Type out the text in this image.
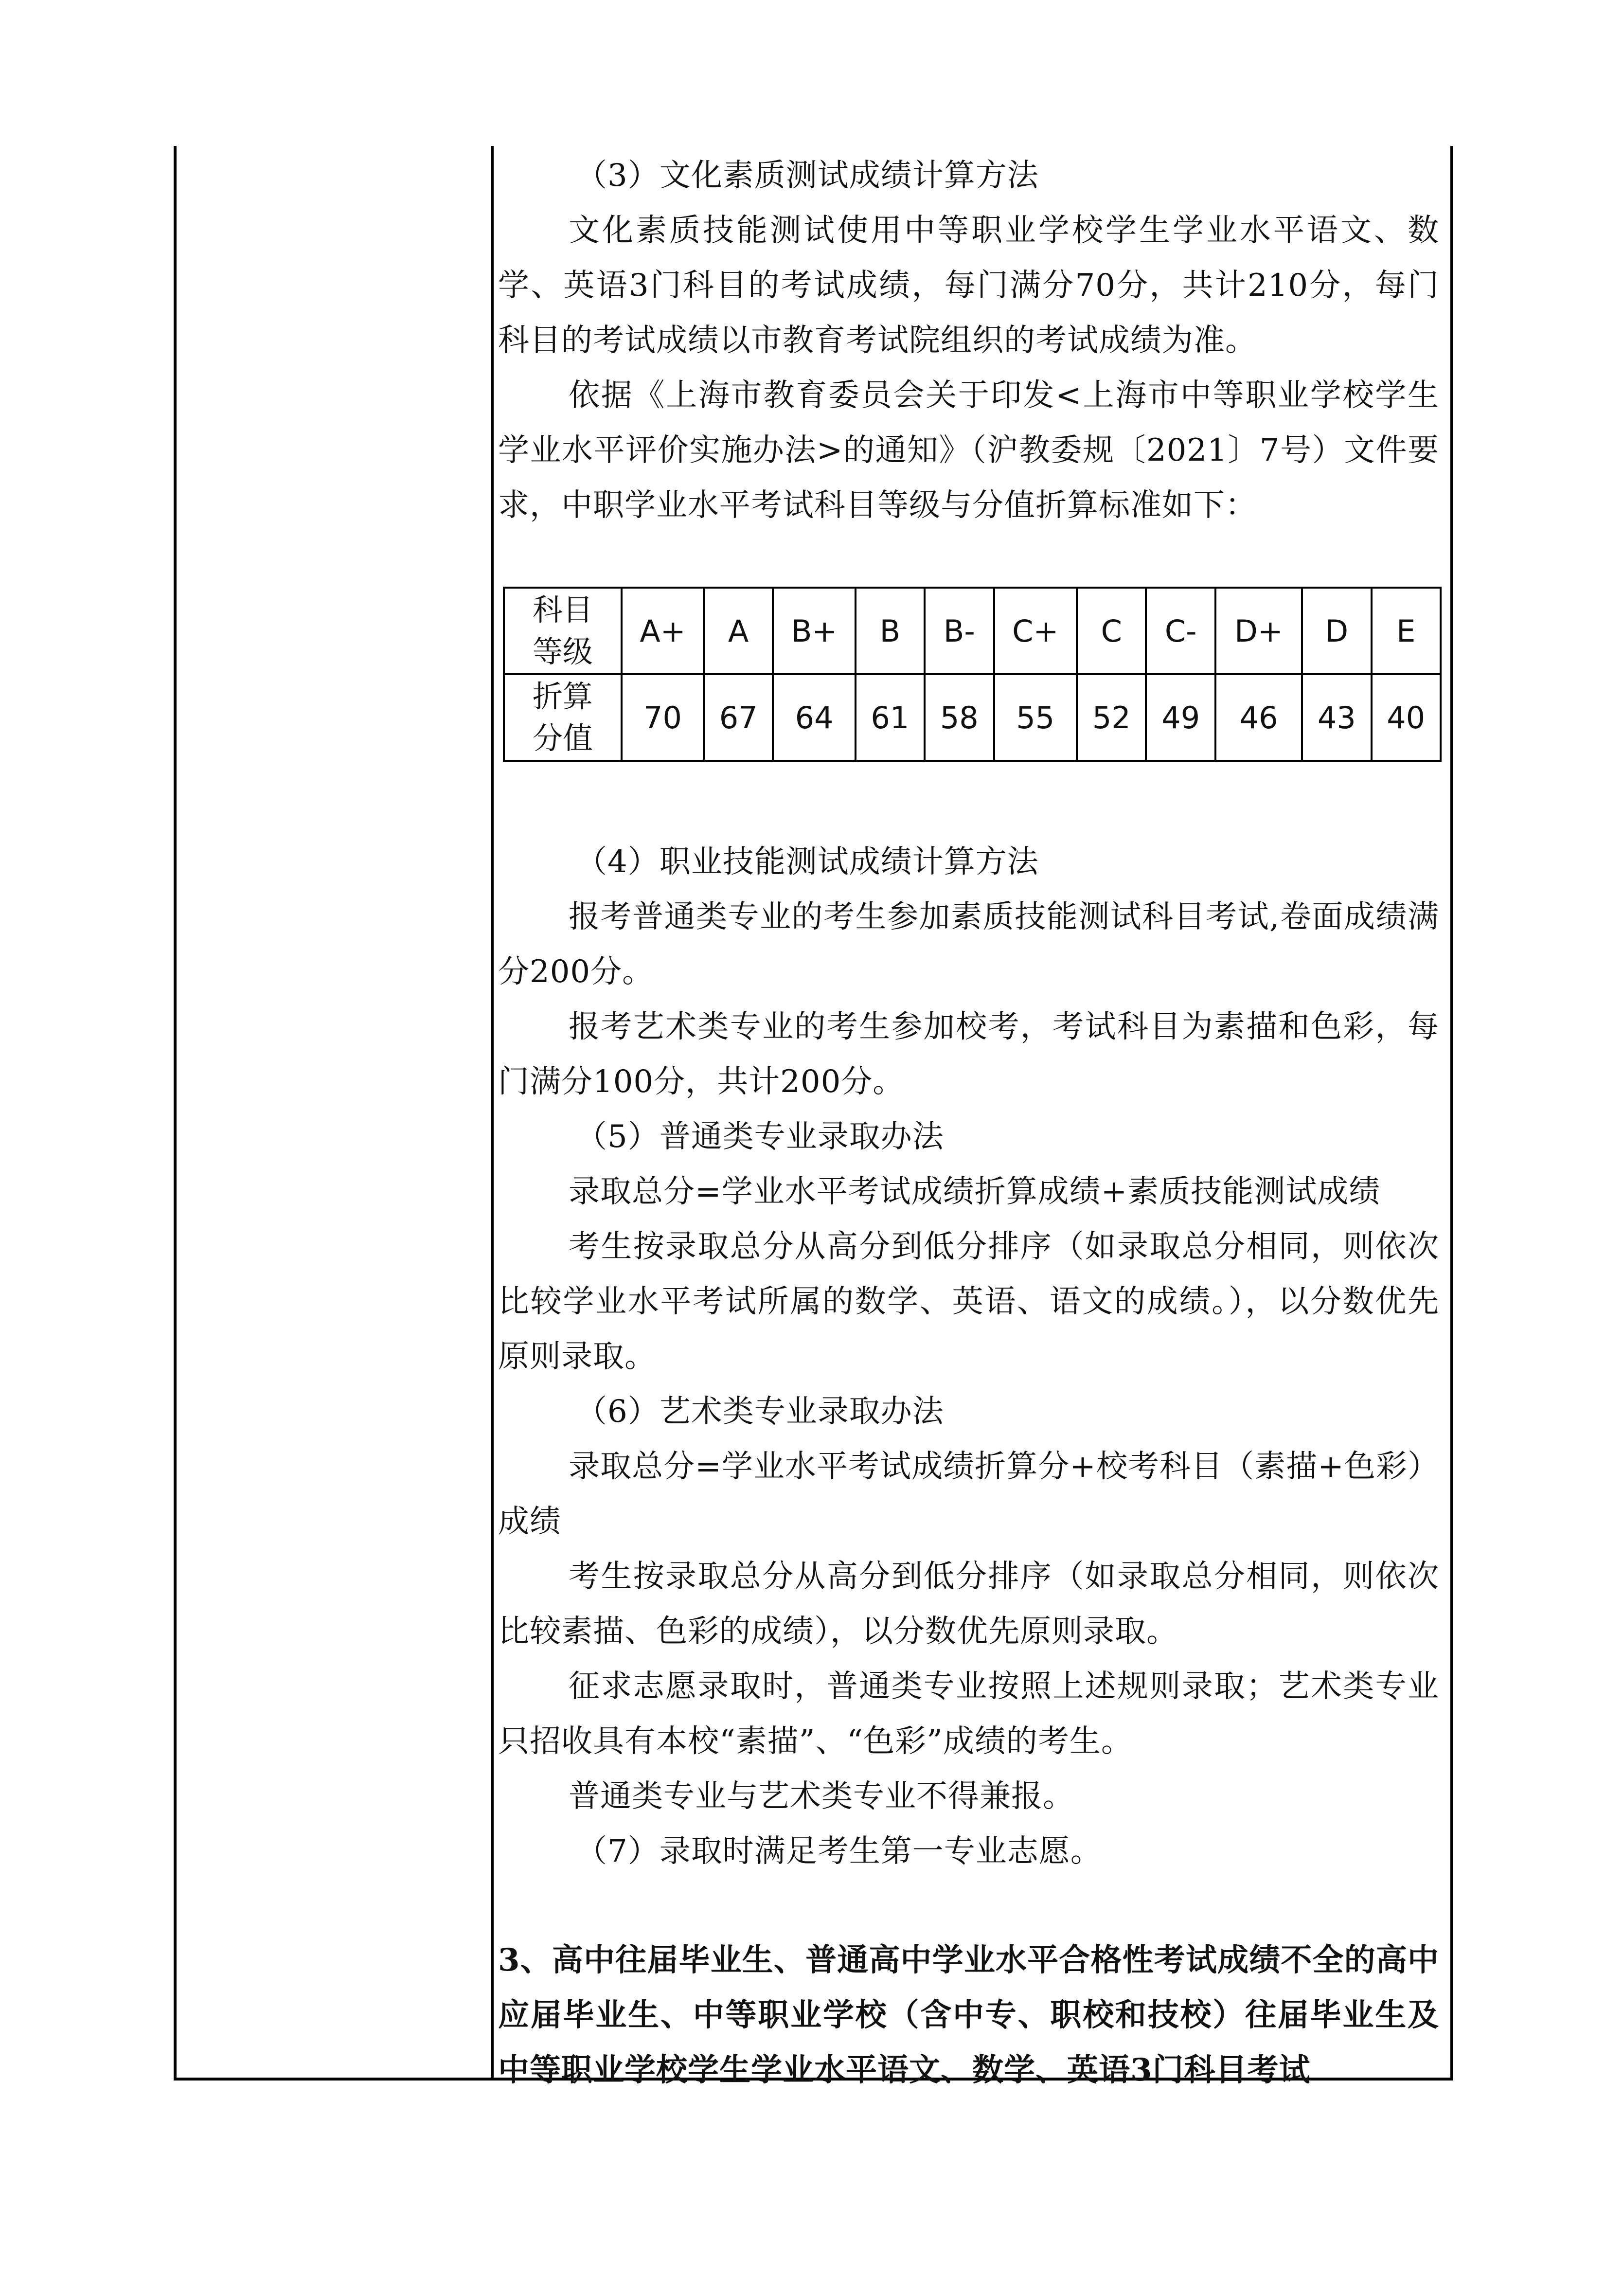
（3）文化素质测试成绩计算方法

文化素质技能测试使用中等职业学校学生学业水平语文、数学、英语3门科目的考试成绩，每门满分70分，共计210分，每门科目的考试成绩以市教育考试院组织的考试成绩为准。

依据《上海市教育委员会关于印发<上海市中等职业学校学生学业水平评价实施办法>的通知》（沪教委规〔2021〕7号）文件要求，中职学业水平考试科目等级与分值折算标准如下：

科目
等级	A+	A	B+	B	B-	C+	C	C-	D+	D	E

折算
分值	70	67	64	61	58	55	52	49	46	43	40

（4）职业技能测试成绩计算方法

报考普通类专业的考生参加素质技能测试科目考试,卷面成绩满分200分。

报考艺术类专业的考生参加校考，考试科目为素描和色彩，每门满分100分，共计200分。

（5）普通类专业录取办法

录取总分=学业水平考试成绩折算成绩+素质技能测试成绩

考生按录取总分从高分到低分排序（如录取总分相同，则依次比较学业水平考试所属的数学、英语、语文的成绩。），以分数优先原则录取。

（6）艺术类专业录取办法

录取总分=学业水平考试成绩折算分+校考科目（素描+色彩）成绩

考生按录取总分从高分到低分排序（如录取总分相同，则依次比较素描、色彩的成绩），以分数优先原则录取。

征求志愿录取时，普通类专业按照上述规则录取；艺术类专业只招收具有本校“素描”、“色彩”成绩的考生。

普通类专业与艺术类专业不得兼报。

（7）录取时满足考生第一专业志愿。

3、高中往届毕业生、普通高中学业水平合格性考试成绩不全的高中应届毕业生、中等职业学校（含中专、职校和技校）往届毕业生及中等职业学校学生学业水平语文、数学、英语3门科目考试
